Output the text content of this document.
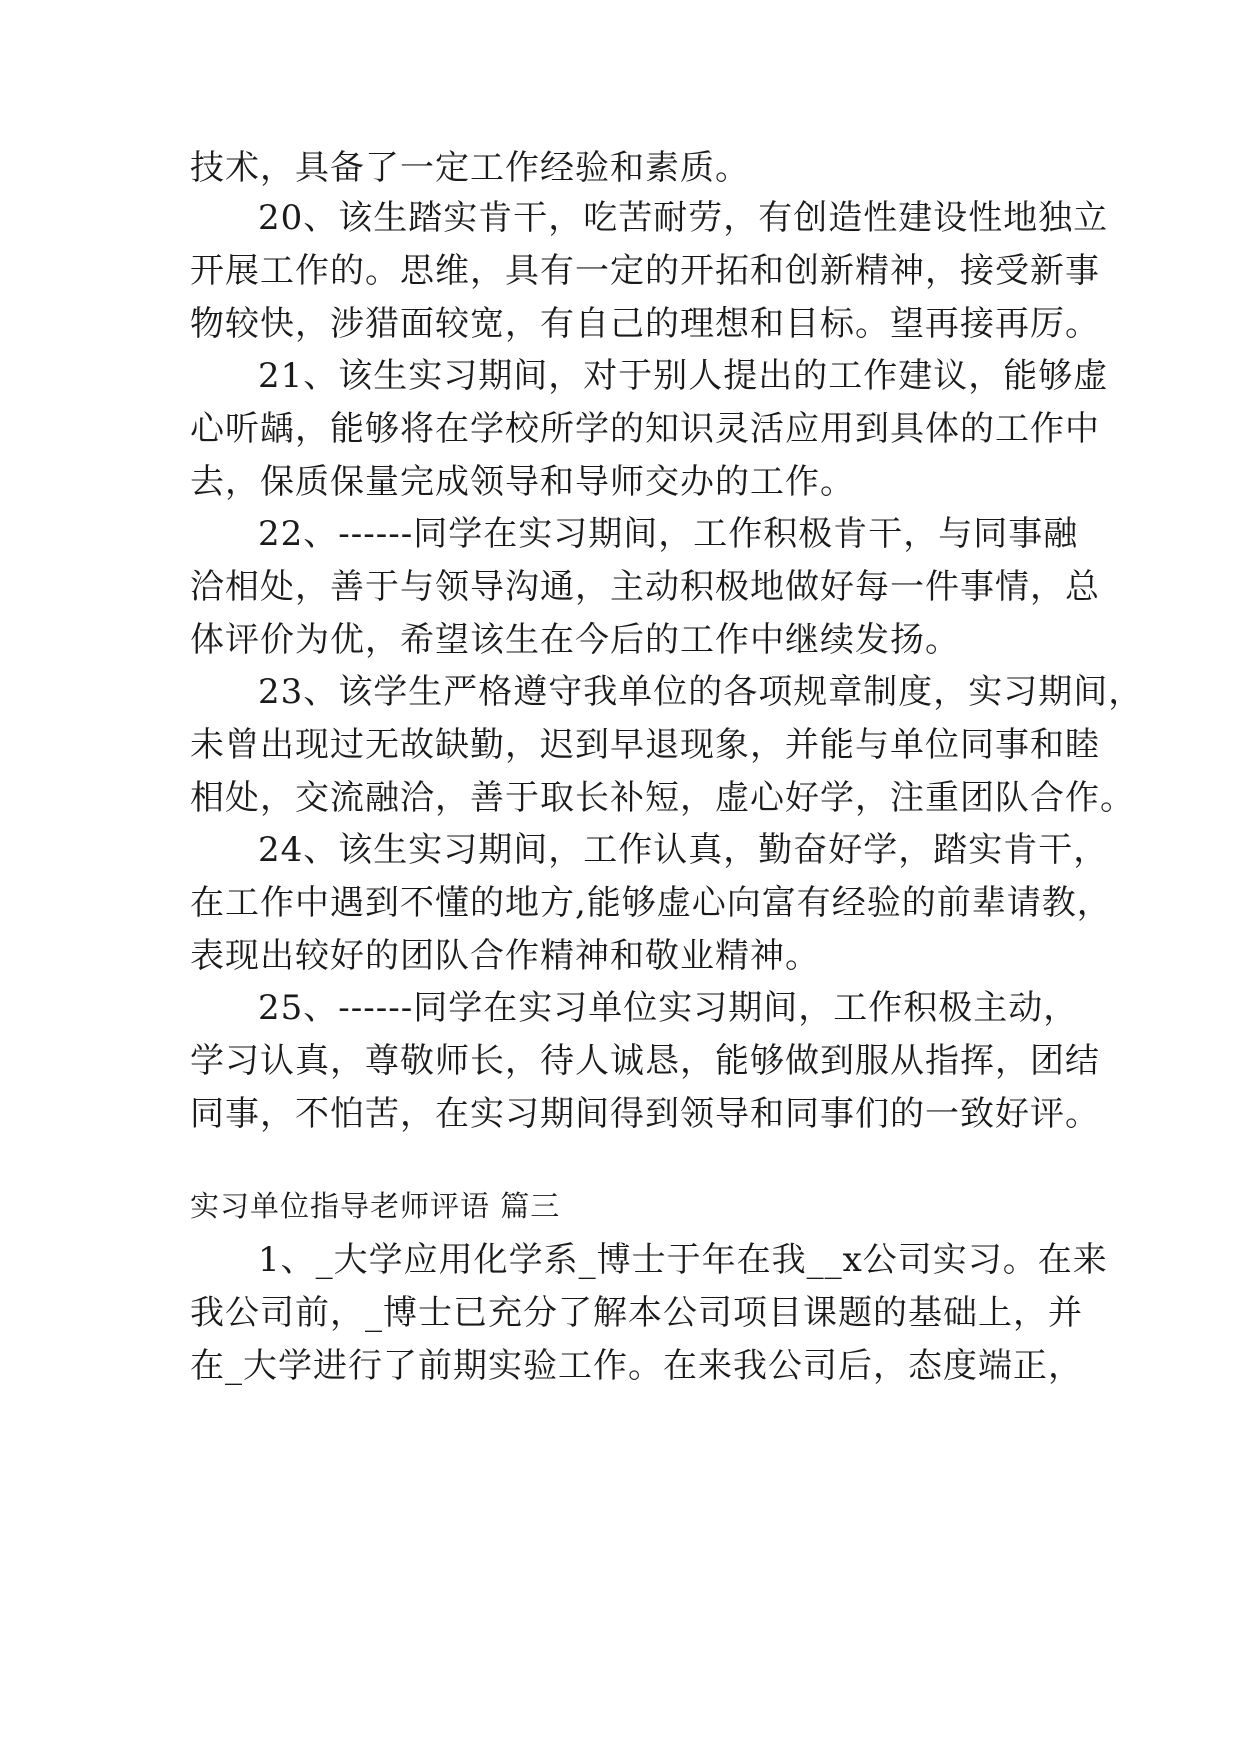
技术，具备了一定工作经验和素质。
20、该生踏实肯干，吃苦耐劳，有创造性建设性地独立
开展工作的。思维，具有一定的开拓和创新精神，接受新事
物较快，涉猎面较宽，有自己的理想和目标。望再接再厉。
21、该生实习期间，对于别人提出的工作建议，能够虚
心听龋，能够将在学校所学的知识灵活应用到具体的工作中
去，保质保量完成领导和导师交办的工作。
22、------同学在实习期间，工作积极肯干，与同事融
洽相处，善于与领导沟通，主动积极地做好每一件事情，总
体评价为优，希望该生在今后的工作中继续发扬。
23、该学生严格遵守我单位的各项规章制度，实习期间，
未曾出现过无故缺勤，迟到早退现象，并能与单位同事和睦
相处，交流融洽，善于取长补短，虚心好学，注重团队合作。
24、该生实习期间，工作认真，勤奋好学，踏实肯干，
在工作中遇到不懂的地方,能够虚心向富有经验的前辈请教，
表现出较好的团队合作精神和敬业精神。
25、------同学在实习单位实习期间，工作积极主动，
学习认真，尊敬师长，待人诚恳，能够做到服从指挥，团结
同事，不怕苦，在实习期间得到领导和同事们的一致好评。
实习单位指导老师评语 篇三
1、_大学应用化学系_博士于年在我__x公司实习。在来
我公司前，_博士已充分了解本公司项目课题的基础上，并
在_大学进行了前期实验工作。在来我公司后，态度端正，
